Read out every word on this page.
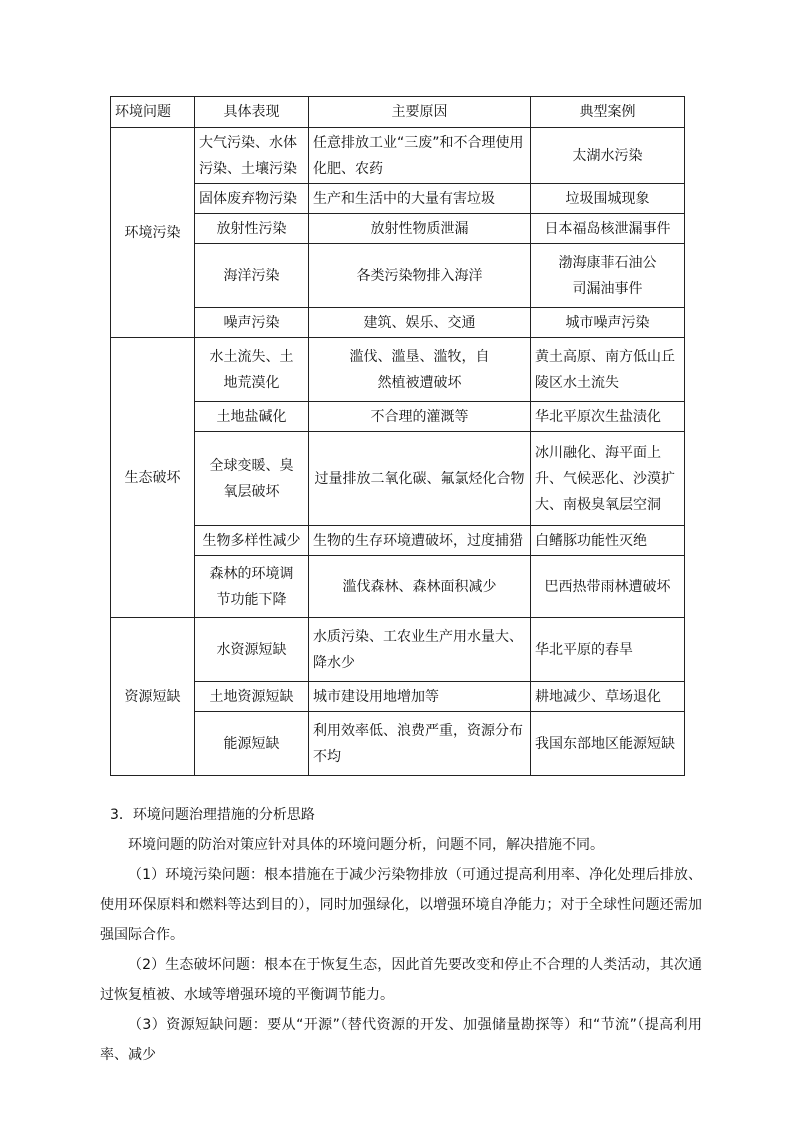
环境问题	具体表现	主要原因	典型案例
环境污染	大气污染、水体污染、土壤污染	任意排放工业“三废”和不合理使用化肥、农药	太湖水污染
	固体废弃物污染	生产和生活中的大量有害垃圾	垃圾围城现象
	放射性污染	放射性物质泄漏	日本福岛核泄漏事件
	海洋污染	各类污染物排入海洋	渤海康菲石油公司漏油事件
	噪声污染	建筑、娱乐、交通	城市噪声污染
生态破坏	水土流失、土地荒漠化	滥伐、滥垦、滥牧，自然植被遭破坏	黄土高原、南方低山丘陵区水土流失
	土地盐碱化	不合理的灌溉等	华北平原次生盐渍化
	全球变暖、臭氧层破坏	过量排放二氧化碳、氟氯烃化合物	冰川融化、海平面上升、气候恶化、沙漠扩大、南极臭氧层空洞
	生物多样性减少	生物的生存环境遭破坏，过度捕猎	白鳍豚功能性灭绝
	森林的环境调节功能下降	滥伐森林、森林面积减少	巴西热带雨林遭破坏
资源短缺	水资源短缺	水质污染、工农业生产用水量大、降水少	华北平原的春旱
	土地资源短缺	城市建设用地增加等	耕地减少、草场退化
	能源短缺	利用效率低、浪费严重，资源分布不均	我国东部地区能源短缺

3．环境问题治理措施的分析思路

环境问题的防治对策应针对具体的环境问题分析，问题不同，解决措施不同。

（1）环境污染问题：根本措施在于减少污染物排放（可通过提高利用率、净化处理后排放、使用环保原料和燃料等达到目的），同时加强绿化，以增强环境自净能力；对于全球性问题还需加强国际合作。

（2）生态破坏问题：根本在于恢复生态，因此首先要改变和停止不合理的人类活动，其次通过恢复植被、水域等增强环境的平衡调节能力。

（3）资源短缺问题：要从“开源”（替代资源的开发、加强储量勘探等）和“节流”（提高利用率、减少
